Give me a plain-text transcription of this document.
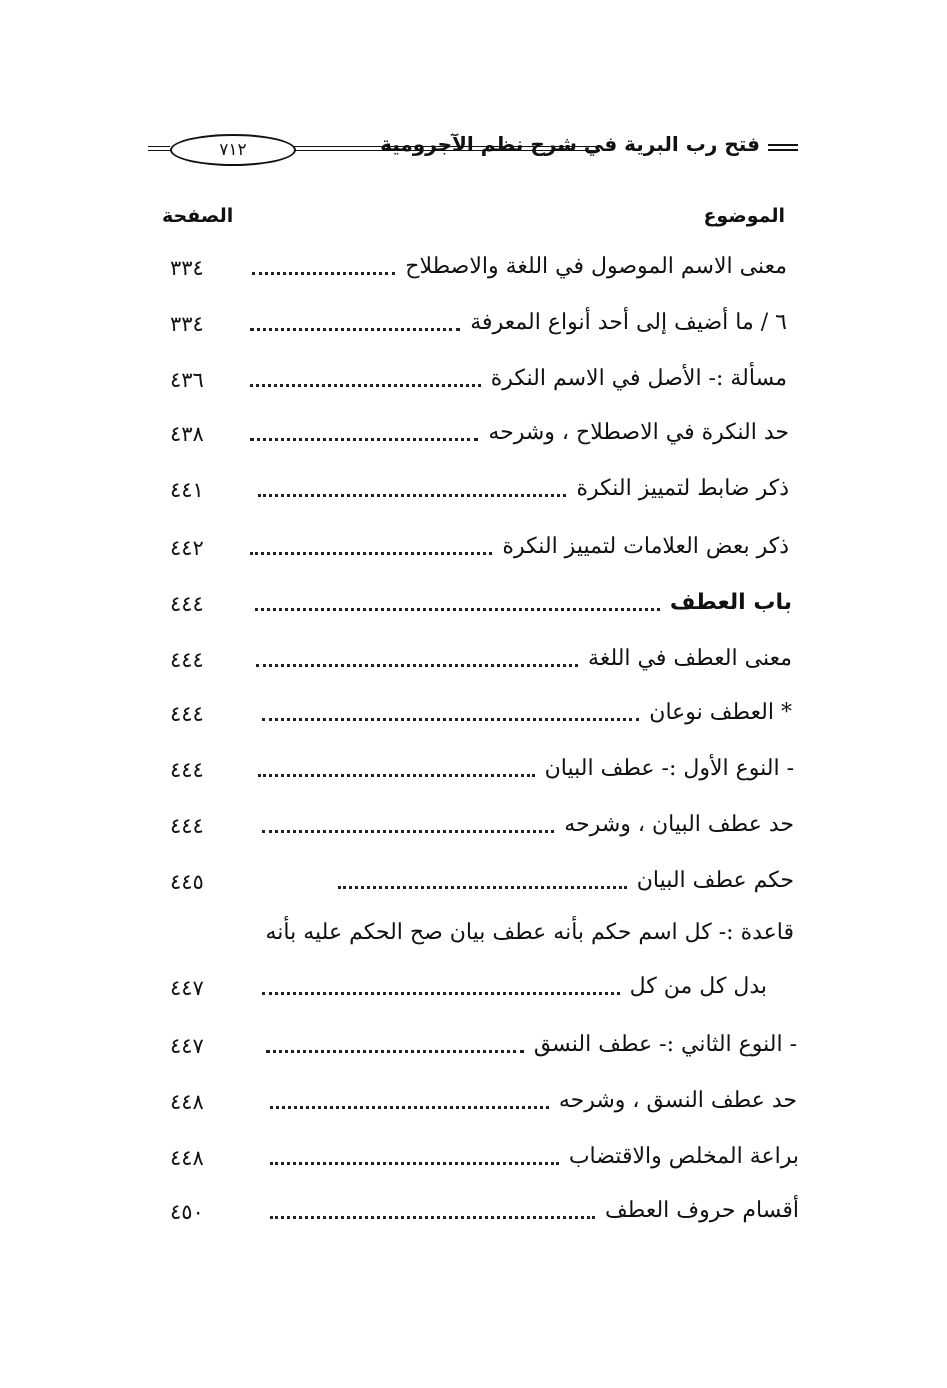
فتح رب البرية في شرح نظم الآجرومية
٧١٢
الموضوع
الصفحة
معنى الاسم الموصول في اللغة والاصطلاح
٣٣٤
٦ / ما أضيف إلى أحد أنواع المعرفة
٣٣٤
مسألة :- الأصل في الاسم النكرة
٤٣٦
حد النكرة في الاصطلاح ، وشرحه
٤٣٨
ذكر ضابط لتمييز النكرة
٤٤١
ذكر بعض العلامات لتمييز النكرة
٤٤٢
باب العطف
٤٤٤
معنى العطف في اللغة
٤٤٤
* العطف نوعان
٤٤٤
- النوع الأول :- عطف البيان
٤٤٤
حد عطف البيان ، وشرحه
٤٤٤
حكم عطف البيان
٤٤٥
قاعدة :- كل اسم حكم بأنه عطف بيان صح الحكم عليه بأنه
بدل كل من كل
٤٤٧
- النوع الثاني :- عطف النسق
٤٤٧
حد عطف النسق ، وشرحه
٤٤٨
براعة المخلص والاقتضاب
٤٤٨
أقسام حروف العطف
٤٥٠
